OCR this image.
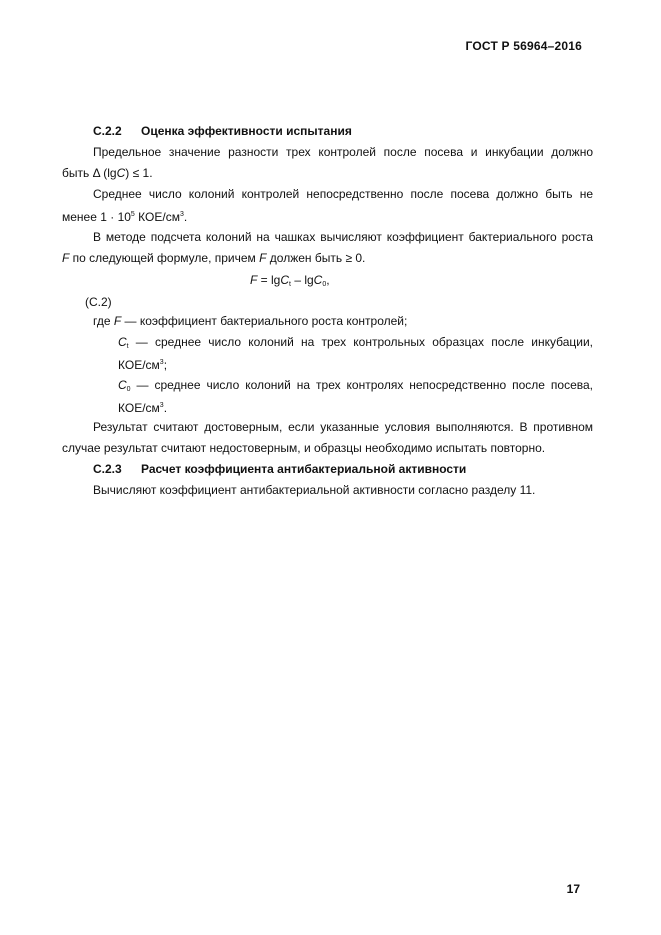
ГОСТ Р 56964–2016
С.2.2 Оценка эффективности испытания
Предельное значение разности трех контролей после посева и инкубации должно
быть Δ (lgC) ≤ 1.
Среднее число колоний контролей непосредственно после посева должно быть не
менее $1 \cdot 10^5$ КОЕ/$см^3$.
В методе подсчета колоний на чашках вычисляют коэффициент бактериального роста
F по следующей формуле, причем F должен быть ≥ 0.
F = lgC$_t$ – lgC$_0$,
(С.2)
где F — коэффициент бактериального роста контролей;
$C_t$ — среднее число колоний на трех контрольных образцах после инкубации,
КОЕ/$см^3$;
$C_0$ — среднее число колоний на трех контролях непосредственно после посева,
КОЕ/$см^3$.
Результат считают достоверным, если указанные условия выполняются. В противном
случае результат считают недостоверным, и образцы необходимо испытать повторно.
С.2.3 Расчет коэффициента антибактериальной активности
Вычисляют коэффициент антибактериальной активности согласно разделу 11.
17
